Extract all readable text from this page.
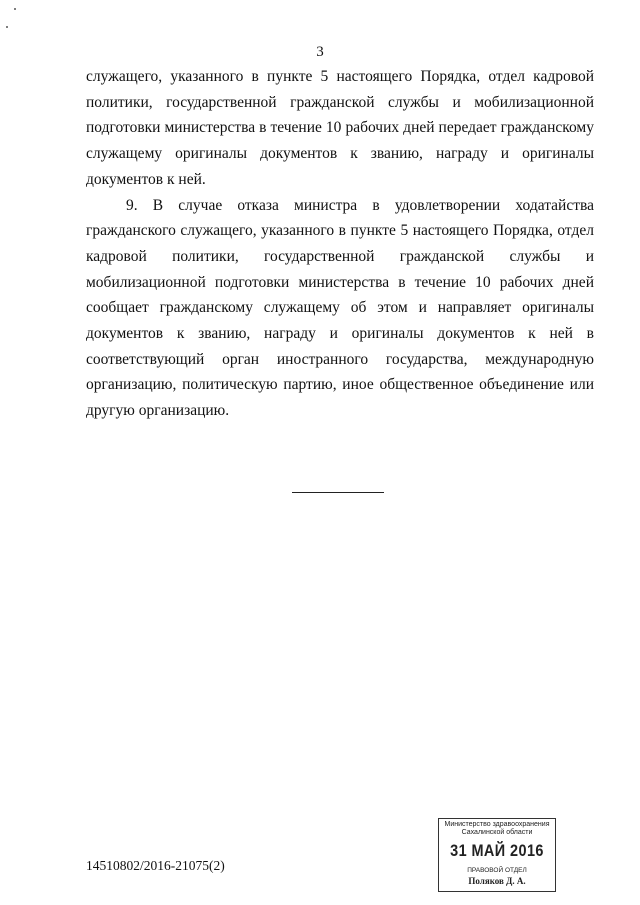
3

служащего, указанного в пункте 5 настоящего Порядка, отдел кадровой политики, государственной гражданской службы и мобилизационной подготовки министерства в течение 10 рабочих дней передает гражданскому служащему оригиналы документов к званию, награду и оригиналы документов к ней.

9. В случае отказа министра в удовлетворении ходатайства гражданского служащего, указанного в пункте 5 настоящего Порядка, отдел кадровой политики, государственной гражданской службы и мобилизационной подготовки министерства в течение 10 рабочих дней сообщает гражданскому служащему об этом и направляет оригиналы документов к званию, награду и оригиналы документов к ней в соответствующий орган иностранного государства, международную организацию, политическую партию, иное общественное объединение или другую организацию.

14510802/2016-21075(2)
Министерство здравоохранения
Сахалинской области
31 МАЙ 2016
ПРАВОВОЙ ОТДЕЛ
Поляков Д. А.
